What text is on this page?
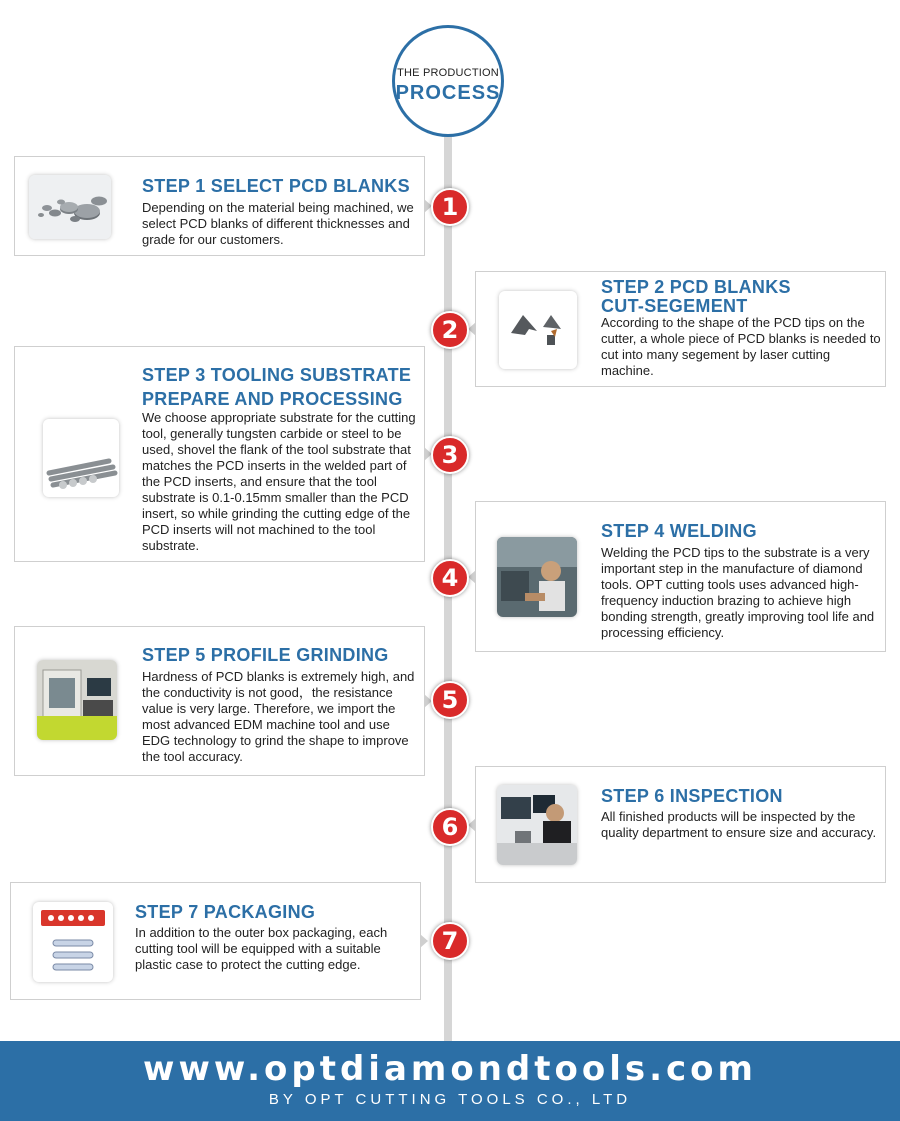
THE PRODUCTION
PROCESS
STEP 1 SELECT PCD BLANKS
Depending on the material being machined, we select PCD blanks of different thicknesses and grade for our customers.
1
STEP 2 PCD BLANKS CUT-SEGEMENT
According to the shape of the PCD tips on the cutter, a whole piece of PCD blanks is needed to cut into many segement by laser cutting machine.
2
STEP 3 TOOLING SUBSTRATE PREPARE AND PROCESSING
We choose appropriate substrate for the cutting tool, generally tungsten carbide or steel to be used, shovel the flank of the tool substrate that matches the PCD inserts in the welded part of the PCD inserts, and ensure that the tool substrate is 0.1-0.15mm smaller than the PCD insert, so while grinding the cutting edge of the PCD inserts will not machined to the tool substrate.
3
STEP 4 WELDING
Welding the PCD tips to the substrate is a very important step in the manufacture of diamond tools. OPT cutting tools uses advanced high-frequency induction brazing to achieve high bonding strength, greatly improving tool life and processing efficiency.
4
STEP 5 PROFILE GRINDING
Hardness of PCD blanks is extremely high, and the conductivity is not good，the resistance value is very large. Therefore, we import the most advanced EDM machine tool and use EDG technology to grind the shape to improve the tool accuracy.
5
STEP 6 INSPECTION
All finished products will be inspected by the quality department to ensure size and accuracy.
6
STEP 7 PACKAGING
In addition to the outer box packaging, each cutting tool will be equipped with a suitable plastic case to protect the cutting edge.
7
www.optdiamondtools.com
BY OPT CUTTING TOOLS CO., LTD
